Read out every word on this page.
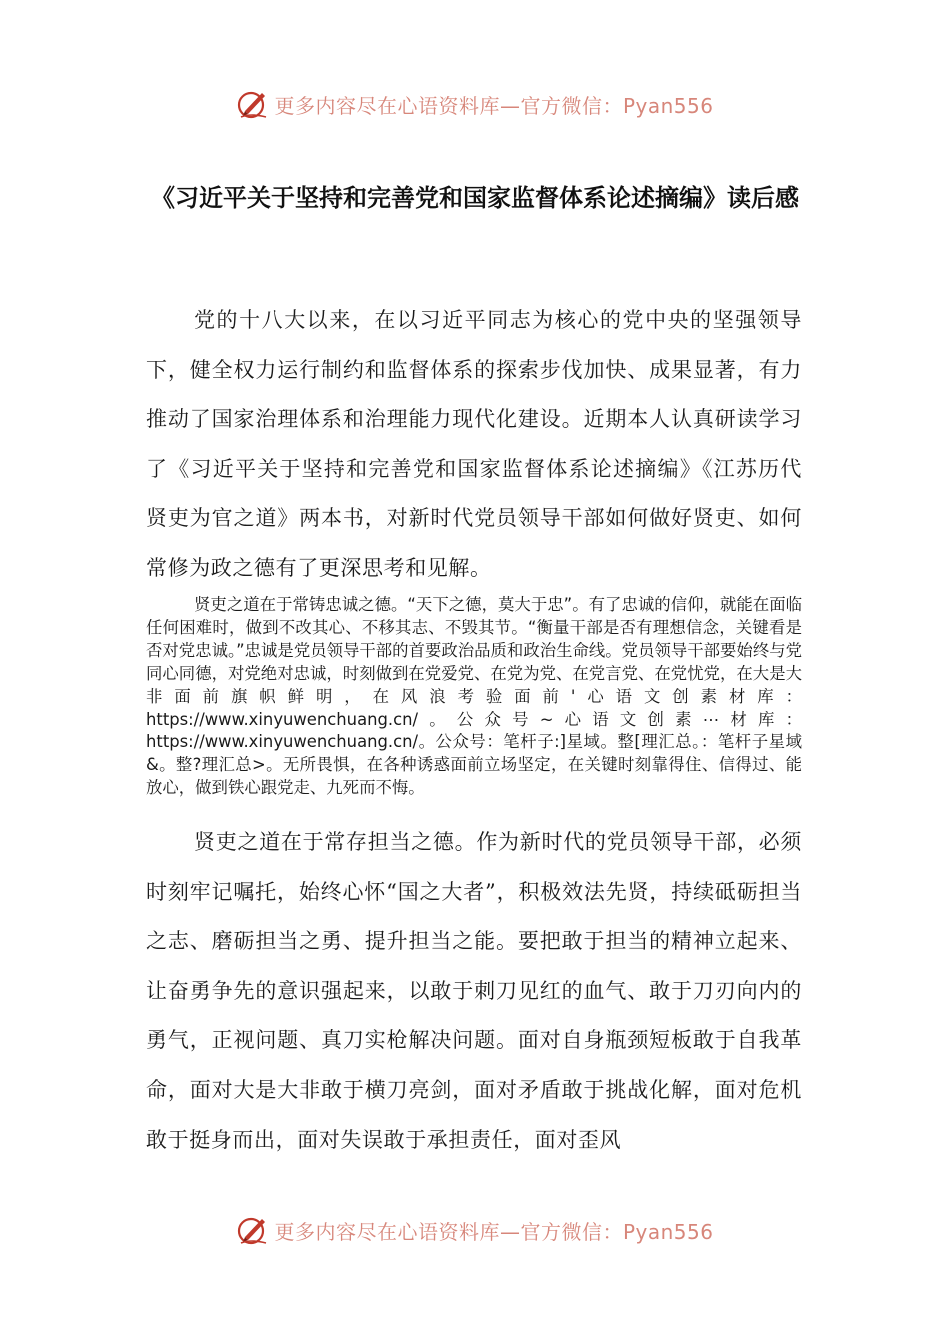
更多内容尽在心语资料库—官方微信：Pyan556
《习近平关于坚持和完善党和国家监督体系论述摘编》读后感

党的十八大以来，在以习近平同志为核心的党中央的坚强领导下，健全权力运行制约和监督体系的探索步伐加快、成果显著，有力推动了国家治理体系和治理能力现代化建设。近期本人认真研读学习了《习近平关于坚持和完善党和国家监督体系论述摘编》《江苏历代贤吏为官之道》两本书，对新时代党员领导干部如何做好贤吏、如何常修为政之德有了更深思考和见解。

贤吏之道在于常铸忠诚之德。“天下之德，莫大于忠”。有了忠诚的信仰，就能在面临任何困难时，做到不改其心、不移其志、不毁其节。“衡量干部是否有理想信念，关键看是否对党忠诚。”忠诚是党员领导干部的首要政治品质和政治生命线。党员领导干部要始终与党同心同德，对党绝对忠诚，时刻做到在党爱党、在党为党、在党言党、在党忧党，在大是大非面前旗帜鲜明，在风浪考验面前'心语文创素材库：https://www.xinyuwenchuang.cn/。公众号~心语文创素⋯材库：https://www.xinyuwenchuang.cn/。公众号：笔杆子:]星域。整[理汇总。：笔杆子星域&。整?理汇总>。无所畏惧，在各种诱惑面前立场坚定，在关键时刻靠得住、信得过、能放心，做到铁心跟党走、九死而不悔。

贤吏之道在于常存担当之德。作为新时代的党员领导干部，必须时刻牢记嘱托，始终心怀“国之大者”，积极效法先贤，持续砥砺担当之志、磨砺担当之勇、提升担当之能。要把敢于担当的精神立起来、让奋勇争先的意识强起来，以敢于刺刀见红的血气、敢于刀刃向内的勇气，正视问题、真刀实枪解决问题。面对自身瓶颈短板敢于自我革命，面对大是大非敢于横刀亮剑，面对矛盾敢于挑战化解，面对危机敢于挺身而出，面对失误敢于承担责任，面对歪风

更多内容尽在心语资料库—官方微信：Pyan556
